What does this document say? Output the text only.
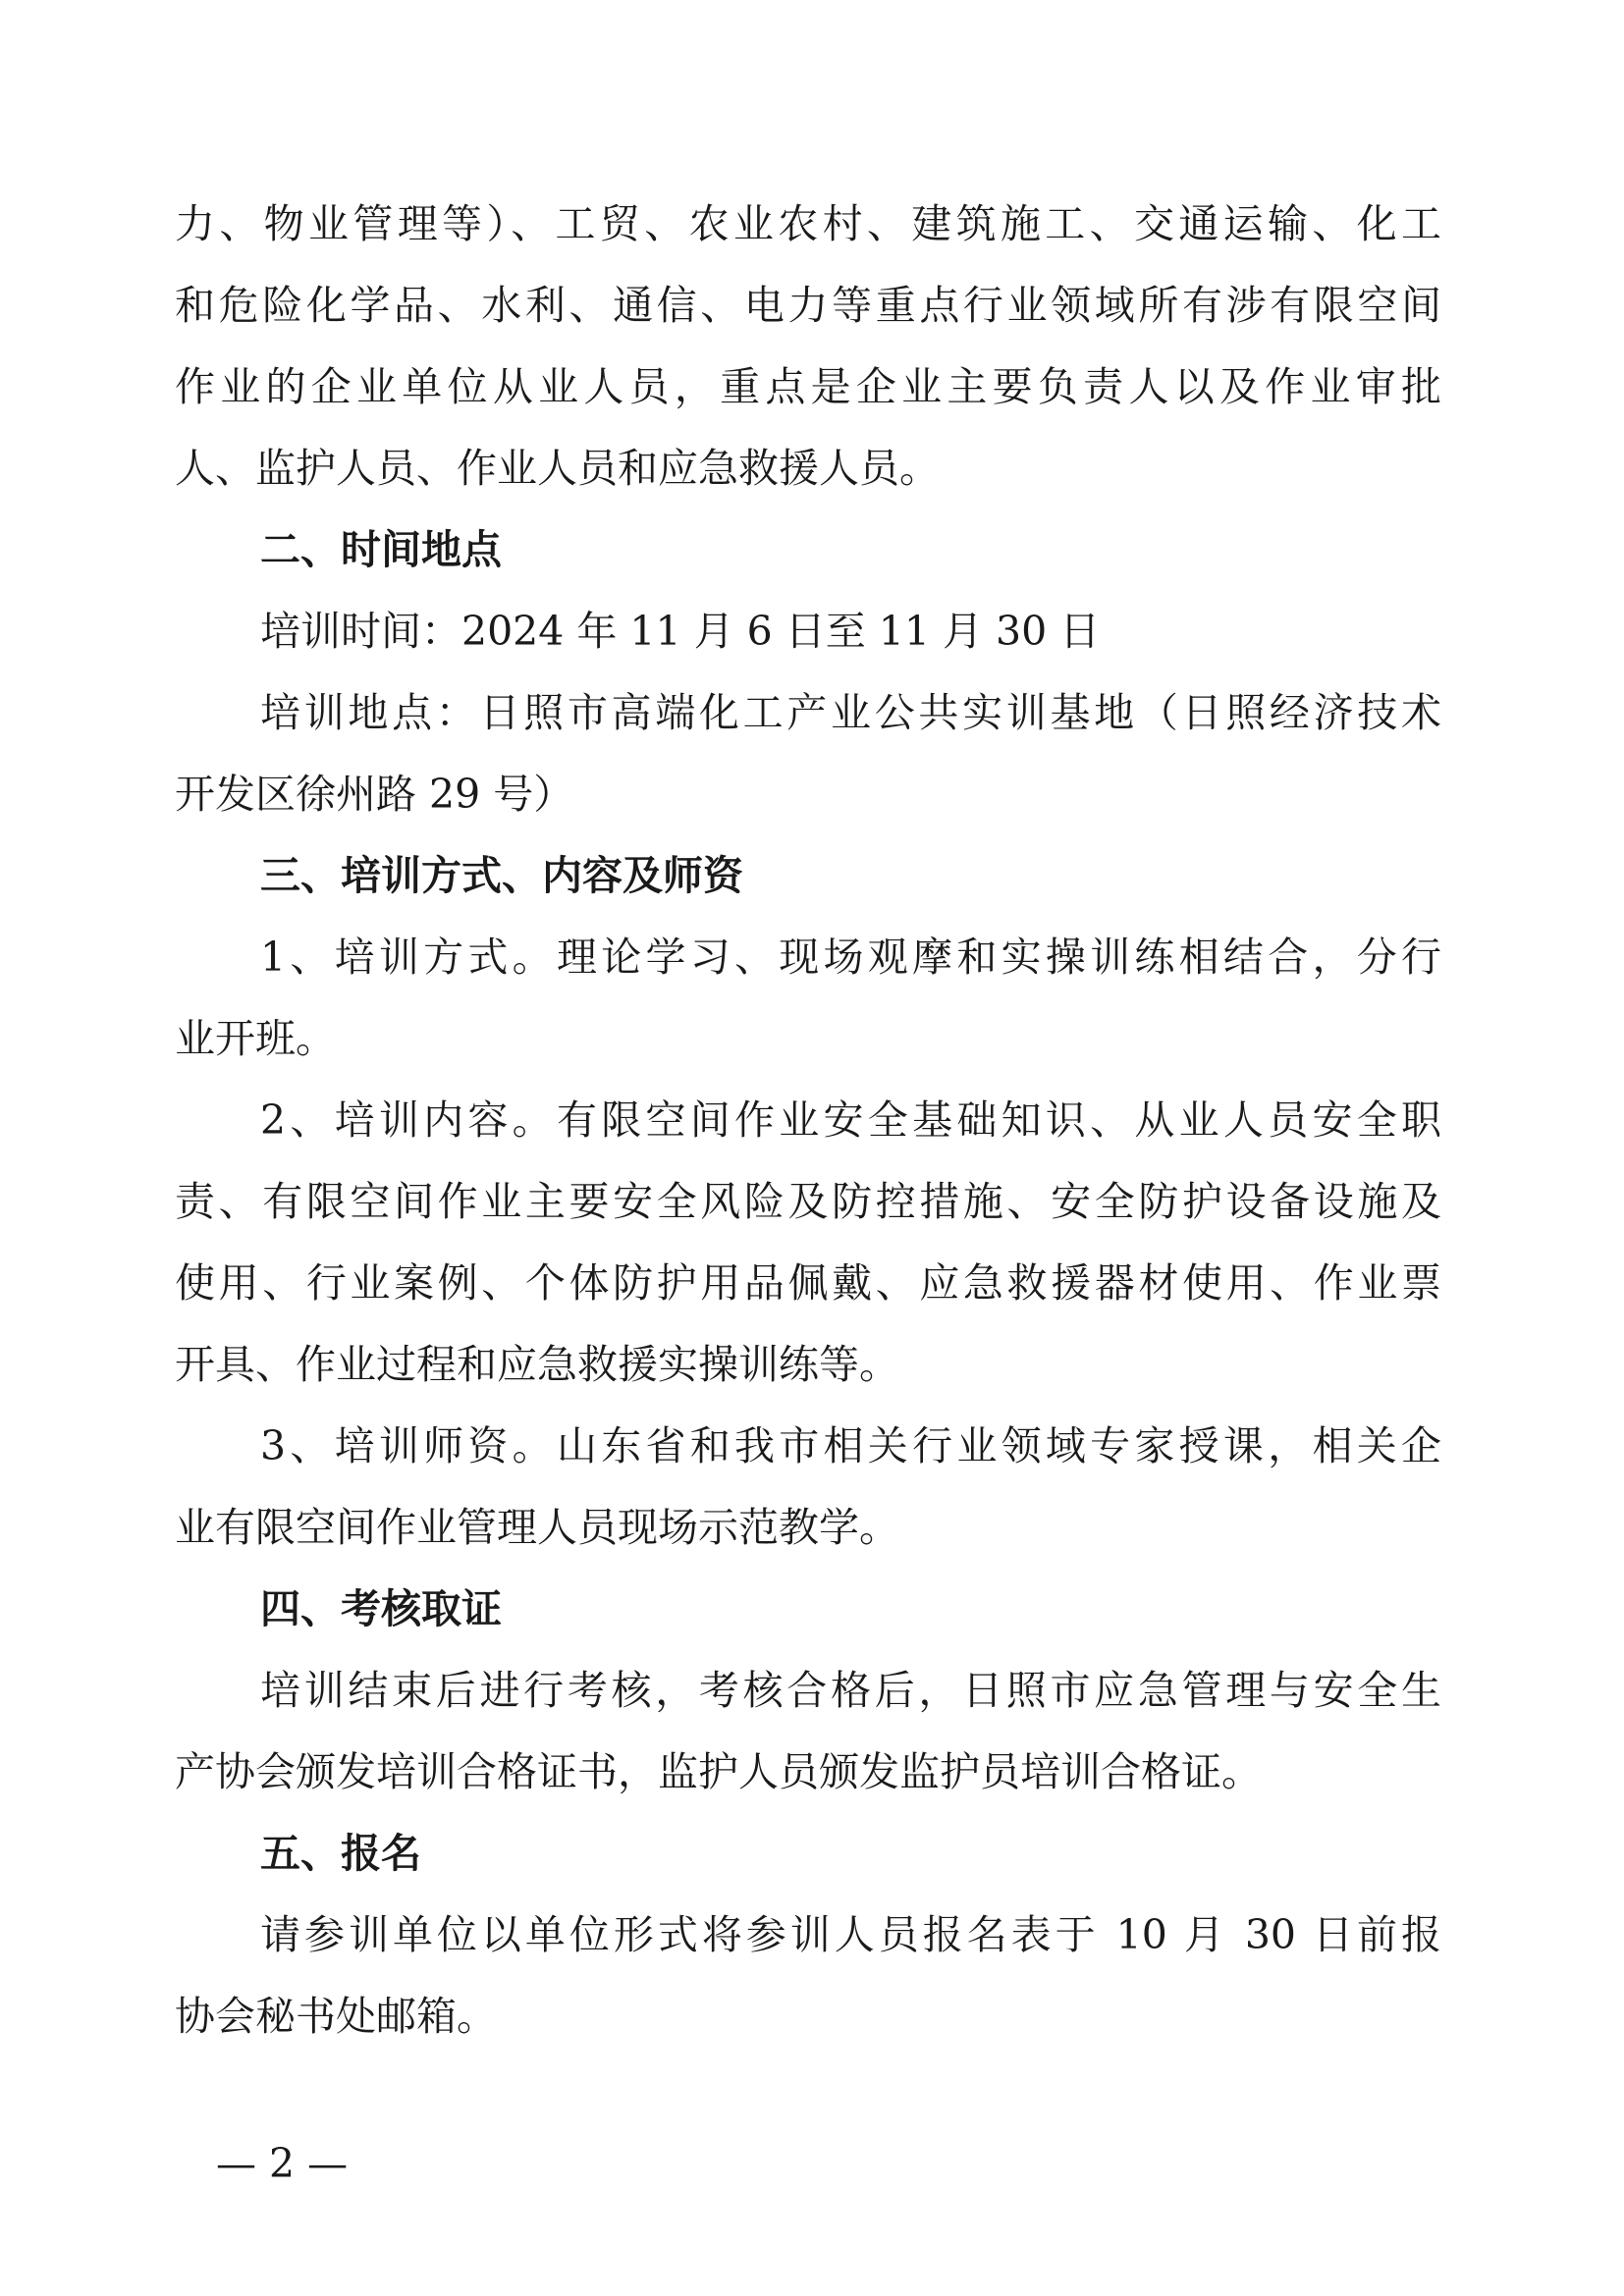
力、物业管理等）、工贸、农业农村、建筑施工、交通运输、化工
和危险化学品、水利、通信、电力等重点行业领域所有涉有限空间
作业的企业单位从业人员，重点是企业主要负责人以及作业审批
人、监护人员、作业人员和应急救援人员。
二、时间地点
培训时间：2024 年 11 月 6 日至 11 月 30 日
培训地点：日照市高端化工产业公共实训基地（日照经济技术
开发区徐州路 29 号）
三、培训方式、内容及师资
1、培训方式。理论学习、现场观摩和实操训练相结合，分行
业开班。
2、培训内容。有限空间作业安全基础知识、从业人员安全职
责、有限空间作业主要安全风险及防控措施、安全防护设备设施及
使用、行业案例、个体防护用品佩戴、应急救援器材使用、作业票
开具、作业过程和应急救援实操训练等。
3、培训师资。山东省和我市相关行业领域专家授课，相关企
业有限空间作业管理人员现场示范教学。
四、考核取证
培训结束后进行考核，考核合格后，日照市应急管理与安全生
产协会颁发培训合格证书，监护人员颁发监护员培训合格证。
五、报名
请参训单位以单位形式将参训人员报名表于 10 月 30 日前报
协会秘书处邮箱。
— 2 —
